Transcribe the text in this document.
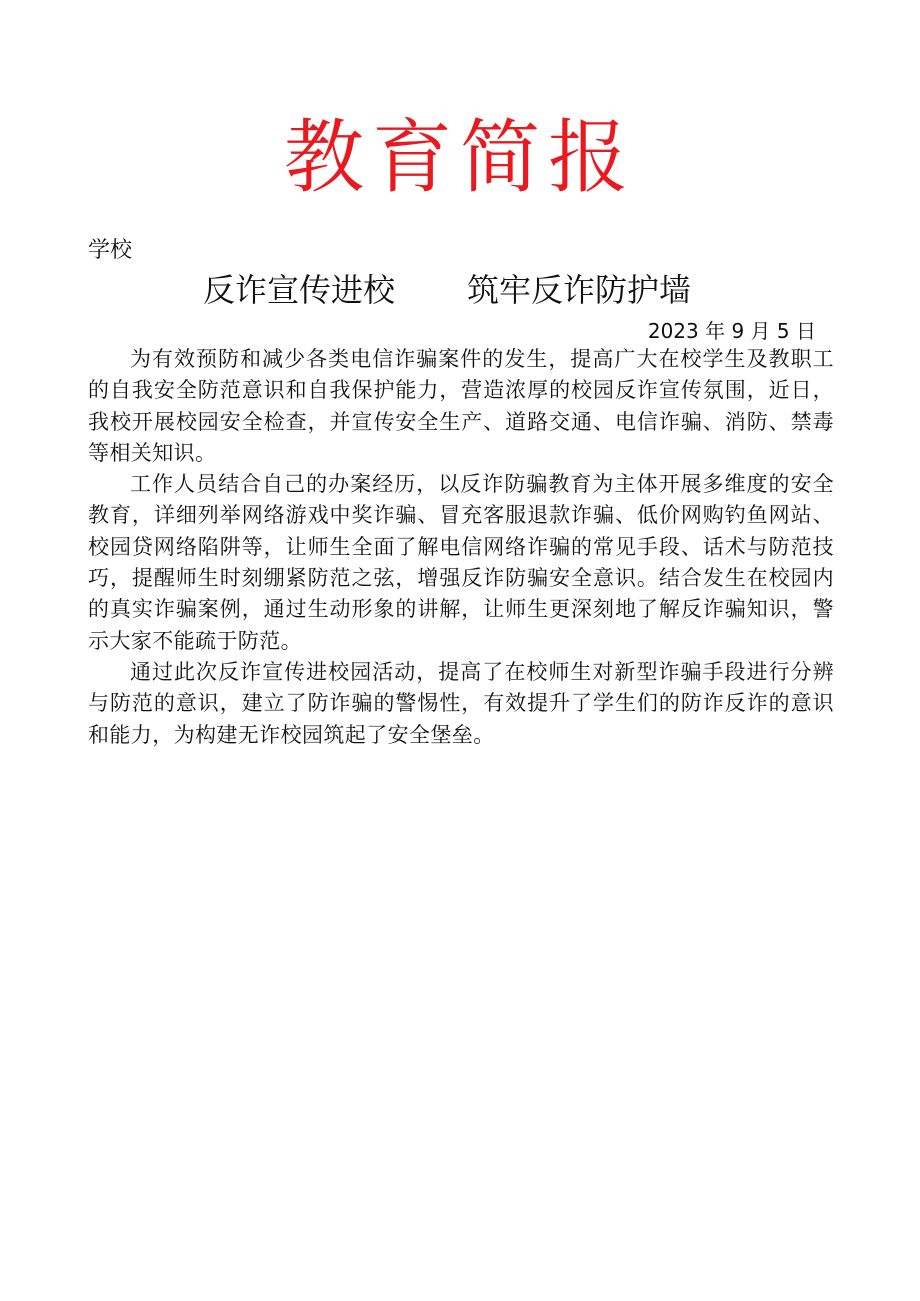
教育简报
学校
反诈宣传进校 筑牢反诈防护墙
2023 年 9 月 5 日

为有效预防和减少各类电信诈骗案件的发生，提高广大在校学生及教职工的自我安全防范意识和自我保护能力，营造浓厚的校园反诈宣传氛围，近日，我校开展校园安全检查，并宣传安全生产、道路交通、电信诈骗、消防、禁毒等相关知识。

工作人员结合自己的办案经历，以反诈防骗教育为主体开展多维度的安全教育，详细列举网络游戏中奖诈骗、冒充客服退款诈骗、低价网购钓鱼网站、校园贷网络陷阱等，让师生全面了解电信网络诈骗的常见手段、话术与防范技巧，提醒师生时刻绷紧防范之弦，增强反诈防骗安全意识。结合发生在校园内的真实诈骗案例，通过生动形象的讲解，让师生更深刻地了解反诈骗知识，警示大家不能疏于防范。

通过此次反诈宣传进校园活动，提高了在校师生对新型诈骗手段进行分辨与防范的意识，建立了防诈骗的警惕性，有效提升了学生们的防诈反诈的意识和能力，为构建无诈校园筑起了安全堡垒。
